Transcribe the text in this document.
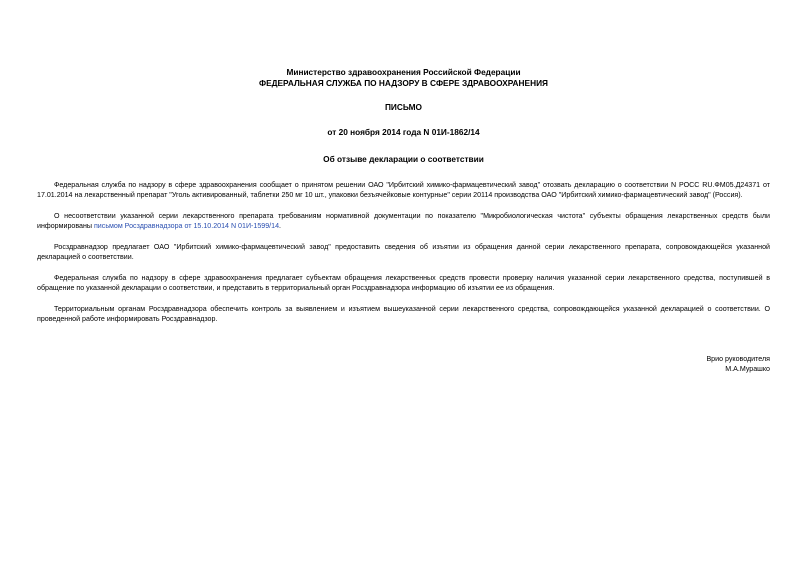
Министерство здравоохранения Российской Федерации
ФЕДЕРАЛЬНАЯ СЛУЖБА ПО НАДЗОРУ В СФЕРЕ ЗДРАВООХРАНЕНИЯ
ПИСЬМО
от 20 ноября 2014 года N 01И-1862/14
Об отзыве декларации о соответствии

Федеральная служба по надзору в сфере здравоохранения сообщает о принятом решении ОАО "Ирбитский химико-фармацевтический завод" отозвать декларацию о соответствии N РОСС RU.ФМ05.Д24371 от 17.01.2014 на лекарственный препарат "Уголь активированный, таблетки 250 мг 10 шт., упаковки безъячейковые контурные" серии 20114 производства ОАО "Ирбитский химико-фармацевтический завод" (Россия).

О несоответствии указанной серии лекарственного препарата требованиям нормативной документации по показателю "Микробиологическая чистота" субъекты обращения лекарственных средств были информированы письмом Росздравнадзора от 15.10.2014 N 01И-1599/14.

Росздравнадзор предлагает ОАО "Ирбитский химико-фармацевтический завод" предоставить сведения об изъятии из обращения данной серии лекарственного препарата, сопровождающейся указанной декларацией о соответствии.

Федеральная служба по надзору в сфере здравоохранения предлагает субъектам обращения лекарственных средств провести проверку наличия указанной серии лекарственного средства, поступившей в обращение по указанной декларации о соответствии, и представить в территориальный орган Росздравнадзора информацию об изъятии ее из обращения.

Территориальным органам Росздравнадзора обеспечить контроль за выявлением и изъятием вышеуказанной серии лекарственного средства, сопровождающейся указанной декларацией о соответствии. О проведенной работе информировать Росздравнадзор.

Врио руководителя
М.А.Мурашко
